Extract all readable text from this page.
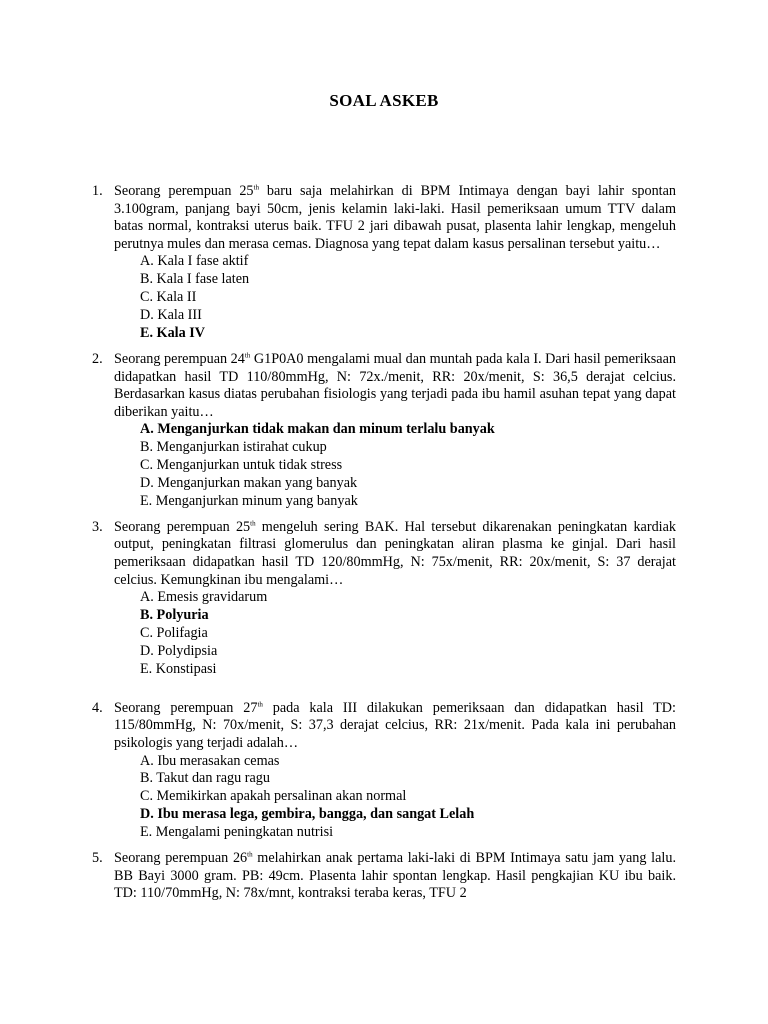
SOAL ASKEB
1. Seorang perempuan 25th baru saja melahirkan di BPM Intimaya dengan bayi lahir spontan 3.100gram, panjang bayi 50cm, jenis kelamin laki-laki. Hasil pemeriksaan umum TTV dalam batas normal, kontraksi uterus baik. TFU 2 jari dibawah pusat, plasenta lahir lengkap, mengeluh perutnya mules dan merasa cemas. Diagnosa yang tepat dalam kasus persalinan tersebut yaitu…
A. Kala I fase aktif
B. Kala I fase laten
C. Kala II
D. Kala III
E. Kala IV
2. Seorang perempuan 24th G1P0A0 mengalami mual dan muntah pada kala I. Dari hasil pemeriksaan didapatkan hasil TD 110/80mmHg, N: 72x./menit, RR: 20x/menit, S: 36,5 derajat celcius. Berdasarkan kasus diatas perubahan fisiologis yang terjadi pada ibu hamil asuhan tepat yang dapat diberikan yaitu…
A. Menganjurkan tidak makan dan minum terlalu banyak
B. Menganjurkan istirahat cukup
C. Menganjurkan untuk tidak stress
D. Menganjurkan makan yang banyak
E. Menganjurkan minum yang banyak
3. Seorang perempuan 25th mengeluh sering BAK. Hal tersebut dikarenakan peningkatan kardiak output, peningkatan filtrasi glomerulus dan peningkatan aliran plasma ke ginjal. Dari hasil pemeriksaan didapatkan hasil TD 120/80mmHg, N: 75x/menit, RR: 20x/menit, S: 37 derajat celcius. Kemungkinan ibu mengalami…
A. Emesis gravidarum
B. Polyuria
C. Polifagia
D. Polydipsia
E. Konstipasi
4. Seorang perempuan 27th pada kala III dilakukan pemeriksaan dan didapatkan hasil TD: 115/80mmHg, N: 70x/menit, S: 37,3 derajat celcius, RR: 21x/menit. Pada kala ini perubahan psikologis yang terjadi adalah…
A. Ibu merasakan cemas
B. Takut dan ragu ragu
C. Memikirkan apakah persalinan akan normal
D. Ibu merasa lega, gembira, bangga, dan sangat Lelah
E. Mengalami peningkatan nutrisi
5. Seorang perempuan 26th melahirkan anak pertama laki-laki di BPM Intimaya satu jam yang lalu. BB Bayi 3000 gram. PB: 49cm. Plasenta lahir spontan lengkap. Hasil pengkajian KU ibu baik. TD: 110/70mmHg, N: 78x/mnt, kontraksi teraba keras, TFU 2
